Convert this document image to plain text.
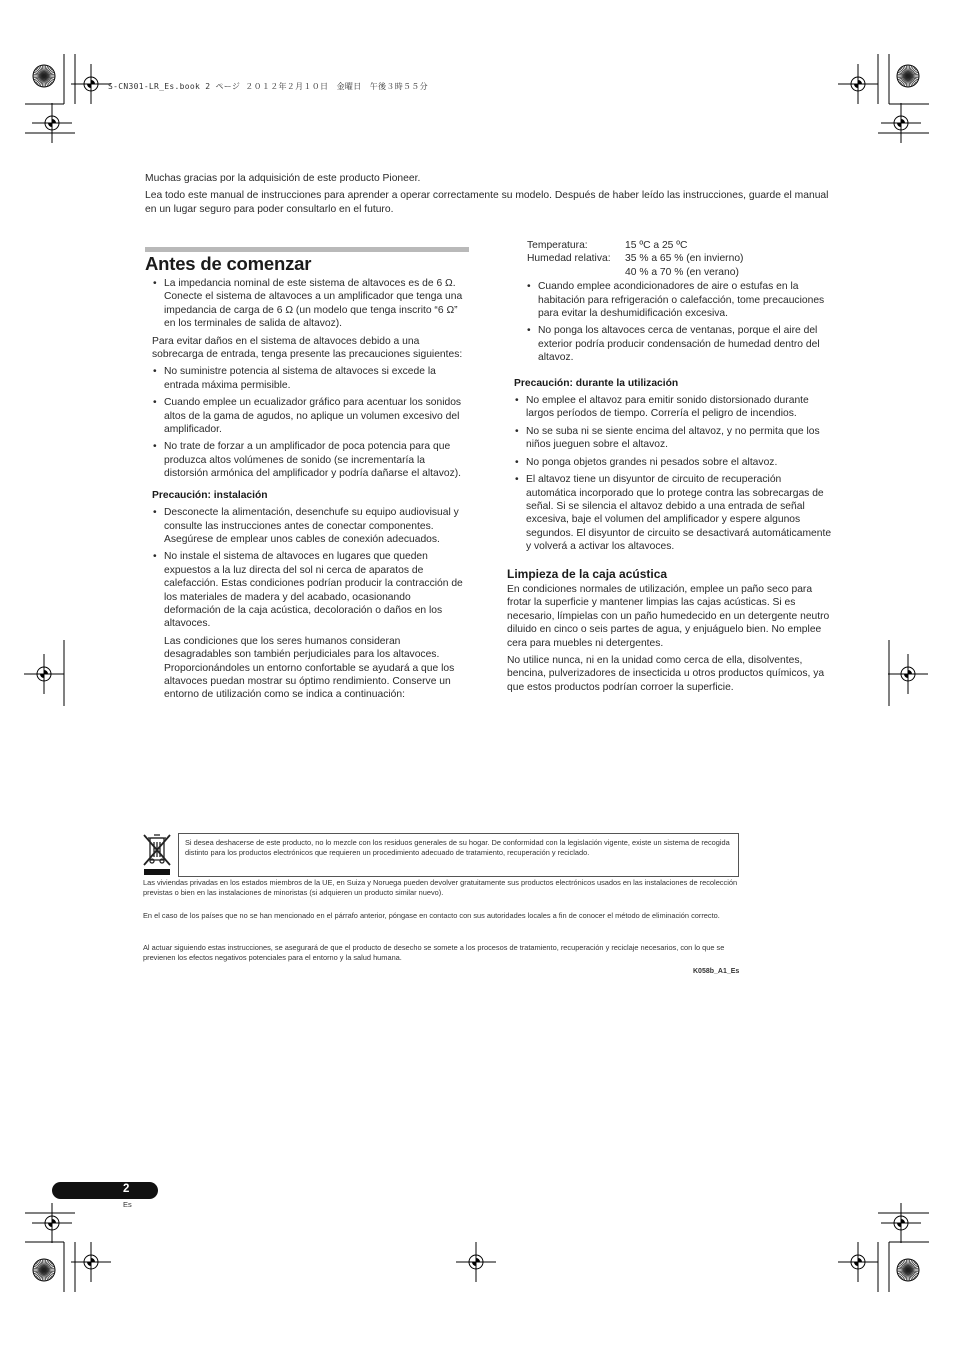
S-CN301-LR_Es.book 2 ページ ２０１２年２月１０日　金曜日　午後３時５５分

Muchas gracias por la adquisición de este producto Pioneer.

Lea todo este manual de instrucciones para aprender a operar correctamente su modelo. Después de haber leído las instrucciones, guarde el manual en un lugar seguro para poder consultarlo en el futuro.

Antes de comenzar
• La impedancia nominal de este sistema de altavoces es de 6 Ω. Conecte el sistema de altavoces a un amplificador que tenga una impedancia de carga de 6 Ω (un modelo que tenga inscrito “6 Ω” en los terminales de salida de altavoz).

Para evitar daños en el sistema de altavoces debido a una sobrecarga de entrada, tenga presente las precauciones siguientes:

• No suministre potencia al sistema de altavoces si excede la entrada máxima permisible.
• Cuando emplee un ecualizador gráfico para acentuar los sonidos altos de la gama de agudos, no aplique un volumen excesivo del amplificador.
• No trate de forzar a un amplificador de poca potencia para que produzca altos volúmenes de sonido (se incrementaría la distorsión armónica del amplificador y podría dañarse el altavoz).
Precaución: instalación
• Desconecte la alimentación, desenchufe su equipo audiovisual y consulte las instrucciones antes de conectar componentes. Asegúrese de emplear unos cables de conexión adecuados.
• No instale el sistema de altavoces en lugares que queden expuestos a la luz directa del sol ni cerca de aparatos de calefacción. Estas condiciones podrían producir la contracción de los materiales de madera y del acabado, ocasionando deformación de la caja acústica, decoloración o daños en los altavoces.

Las condiciones que los seres humanos consideran desagradables son también perjudiciales para los altavoces. Proporcionándoles un entorno confortable se ayudará a que los altavoces puedan mostrar su óptimo rendimiento. Conserve un entorno de utilización como se indica a continuación:

Temperatura:	15 ºC a 25 ºC
Humedad relativa:	35 % a 65 % (en invierno)
	40 % a 70 % (en verano)
• Cuando emplee acondicionadores de aire o estufas en la habitación para refrigeración o calefacción, tome precauciones para evitar la deshumidificación excesiva.
• No ponga los altavoces cerca de ventanas, porque el aire del exterior podría producir condensación de humedad dentro del altavoz.
Precaución: durante la utilización
• No emplee el altavoz para emitir sonido distorsionado durante largos períodos de tiempo. Correría el peligro de incendios.
• No se suba ni se siente encima del altavoz, y no permita que los niños jueguen sobre el altavoz.
• No ponga objetos grandes ni pesados sobre el altavoz.
• El altavoz tiene un disyuntor de circuito de recuperación automática incorporado que lo protege contra las sobrecargas de señal. Si se silencia el altavoz debido a una entrada de señal excesiva, baje el volumen del amplificador y espere algunos segundos. El disyuntor de circuito se desactivará automáticamente y volverá a activar los altavoces.
Limpieza de la caja acústica

En condiciones normales de utilización, emplee un paño seco para frotar la superficie y mantener limpias las cajas acústicas. Si es necesario, límpielas con un paño humedecido en un detergente neutro diluido en cinco o seis partes de agua, y enjuáguelo bien. No emplee cera para muebles ni detergentes.

No utilice nunca, ni en la unidad como cerca de ella, disolventes, bencina, pulverizadores de insecticida u otros productos químicos, ya que estos productos podrían corroer la superficie.

Si desea deshacerse de este producto, no lo mezcle con los residuos generales de su hogar. De conformidad con la legislación vigente, existe un sistema de recogida distinto para los productos electrónicos que requieren un procedimiento adecuado de tratamiento, recuperación y reciclado.

Las viviendas privadas en los estados miembros de la UE, en Suiza y Noruega pueden devolver gratuitamente sus productos electrónicos usados en las instalaciones de recolección previstas o bien en las instalaciones de minoristas (si adquieren un producto similar nuevo).

En el caso de los países que no se han mencionado en el párrafo anterior, póngase en contacto con sus autoridades locales a fin de conocer el método de eliminación correcto.

Al actuar siguiendo estas instrucciones, se asegurará de que el producto de desecho se somete a los procesos de tratamiento, recuperación y reciclaje necesarios, con lo que se previenen los efectos negativos potenciales para el entorno y la salud humana.

K058b_A1_Es
2
Es
